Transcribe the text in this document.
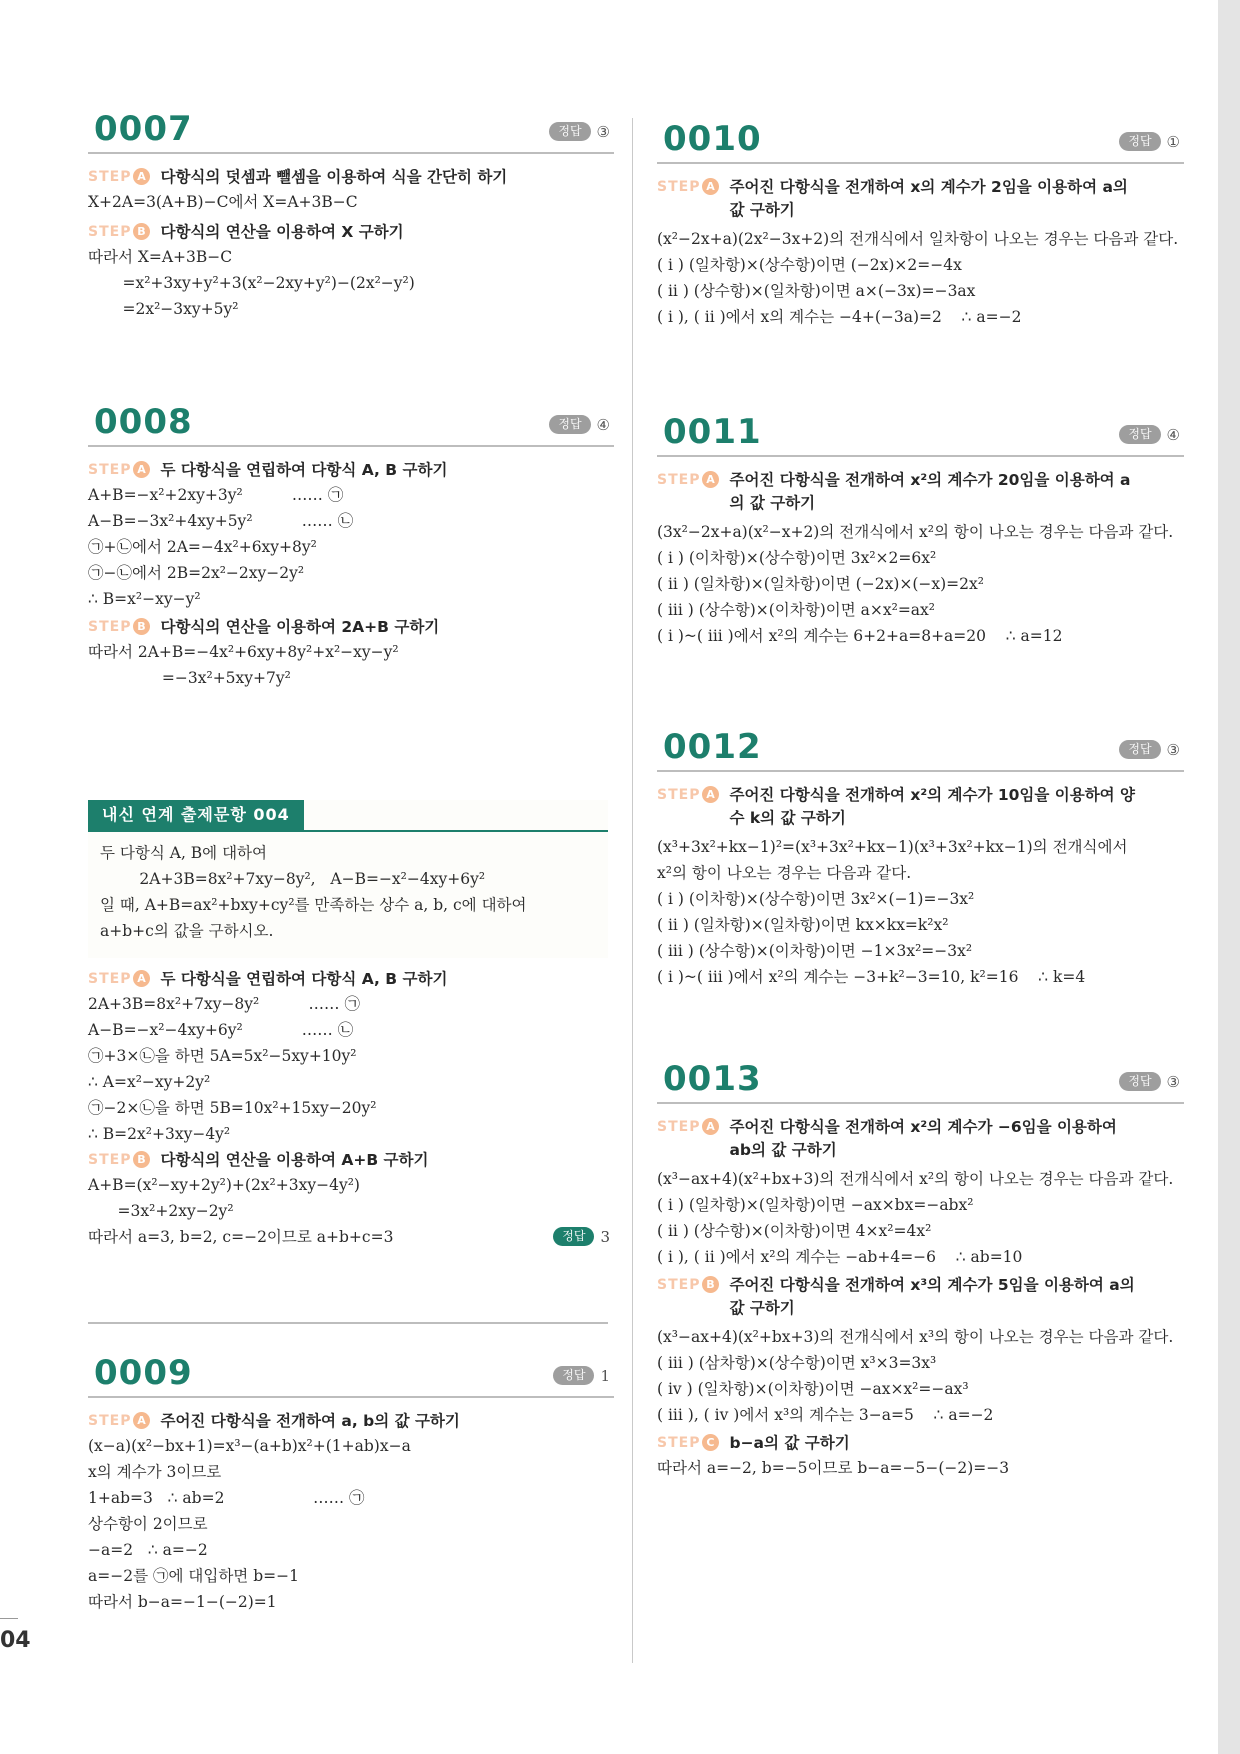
0007	정답	③
STEP A 다항식의 덧셈과 뺄셈을 이용하여 식을 간단히 하기
X+2A=3(A+B)−C에서 X=A+3B−C
STEP B 다항식의 연산을 이용하여 X 구하기
따라서 X=A+3B−C
=x²+3xy+y²+3(x²−2xy+y²)−(2x²−y²)
=2x²−3xy+5y²
0008	정답	④
STEP A 두 다항식을 연립하여 다항식 A, B 구하기
A+B=−x²+2xy+3y²          …… ㉠
A−B=−3x²+4xy+5y²          …… ㉡
㉠+㉡에서 2A=−4x²+6xy+8y²
㉠−㉡에서 2B=2x²−2xy−2y²
∴ B=x²−xy−y²
STEP B 다항식의 연산을 이용하여 2A+B 구하기
따라서 2A+B=−4x²+6xy+8y²+x²−xy−y²
=−3x²+5xy+7y²
내신 연계 출제문항 004
두 다항식 A, B에 대하여
2A+3B=8x²+7xy−8y²,   A−B=−x²−4xy+6y²
일 때, A+B=ax²+bxy+cy²를 만족하는 상수 a, b, c에 대하여
a+b+c의 값을 구하시오.
STEP A 두 다항식을 연립하여 다항식 A, B 구하기
2A+3B=8x²+7xy−8y²          …… ㉠
A−B=−x²−4xy+6y²            …… ㉡
㉠+3×㉡을 하면 5A=5x²−5xy+10y²
∴ A=x²−xy+2y²
㉠−2×㉡을 하면 5B=10x²+15xy−20y²
∴ B=2x²+3xy−4y²
STEP B 다항식의 연산을 이용하여 A+B 구하기
A+B=(x²−xy+2y²)+(2x²+3xy−4y²)
=3x²+2xy−2y²
따라서 a=3, b=2, c=−2이므로 a+b+c=3	정답	3
0009	정답	1
STEP A 주어진 다항식을 전개하여 a, b의 값 구하기
(x−a)(x²−bx+1)=x³−(a+b)x²+(1+ab)x−a
x의 계수가 3이므로
1+ab=3   ∴ ab=2                  …… ㉠
상수항이 2이므로
−a=2   ∴ a=−2
a=−2를 ㉠에 대입하면 b=−1
따라서 b−a=−1−(−2)=1
0010	정답	①
STEP A 주어진 다항식을 전개하여 x의 계수가 2임을 이용하여 a의 값 구하기
(x²−2x+a)(2x²−3x+2)의 전개식에서 일차항이 나오는 경우는 다음과 같다.
( i ) (일차항)×(상수항)이면 (−2x)×2=−4x
( ii ) (상수항)×(일차항)이면 a×(−3x)=−3ax
( i ), ( ii )에서 x의 계수는 −4+(−3a)=2    ∴ a=−2
0011	정답	④
STEP A 주어진 다항식을 전개하여 x²의 계수가 20임을 이용하여 a의 값 구하기
(3x²−2x+a)(x²−x+2)의 전개식에서 x²의 항이 나오는 경우는 다음과 같다.
( i ) (이차항)×(상수항)이면 3x²×2=6x²
( ii ) (일차항)×(일차항)이면 (−2x)×(−x)=2x²
( iii ) (상수항)×(이차항)이면 a×x²=ax²
( i )~( iii )에서 x²의 계수는 6+2+a=8+a=20    ∴ a=12
0012	정답	③
STEP A 주어진 다항식을 전개하여 x²의 계수가 10임을 이용하여 양수 k의 값 구하기
(x³+3x²+kx−1)²=(x³+3x²+kx−1)(x³+3x²+kx−1)의 전개식에서
x²의 항이 나오는 경우는 다음과 같다.
( i ) (이차항)×(상수항)이면 3x²×(−1)=−3x²
( ii ) (일차항)×(일차항)이면 kx×kx=k²x²
( iii ) (상수항)×(이차항)이면 −1×3x²=−3x²
( i )~( iii )에서 x²의 계수는 −3+k²−3=10, k²=16    ∴ k=4
0013	정답	③
STEP A 주어진 다항식을 전개하여 x²의 계수가 −6임을 이용하여 ab의 값 구하기
(x³−ax+4)(x²+bx+3)의 전개식에서 x²의 항이 나오는 경우는 다음과 같다.
( i ) (일차항)×(일차항)이면 −ax×bx=−abx²
( ii ) (상수항)×(이차항)이면 4×x²=4x²
( i ), ( ii )에서 x²의 계수는 −ab+4=−6    ∴ ab=10
STEP B 주어진 다항식을 전개하여 x³의 계수가 5임을 이용하여 a의 값 구하기
(x³−ax+4)(x²+bx+3)의 전개식에서 x³의 항이 나오는 경우는 다음과 같다.
( iii ) (삼차항)×(상수항)이면 x³×3=3x³
( iv ) (일차항)×(이차항)이면 −ax×x²=−ax³
( iii ), ( iv )에서 x³의 계수는 3−a=5    ∴ a=−2
STEP C b−a의 값 구하기
따라서 a=−2, b=−5이므로 b−a=−5−(−2)=−3
04
